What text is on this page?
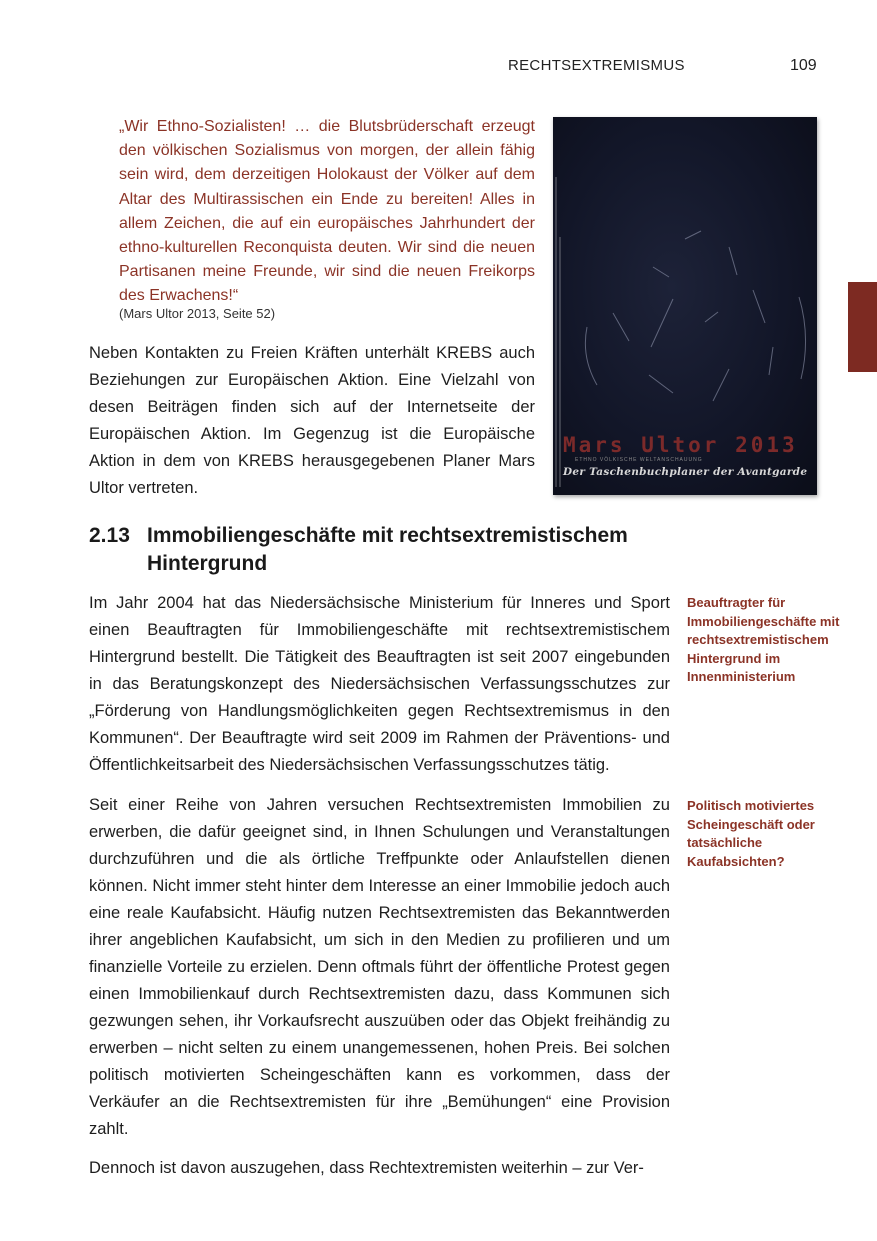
RECHTSEXTREMISMUS	109
„Wir Ethno-Sozialisten! … die Blutsbrüderschaft erzeugt den völkischen Sozialismus von morgen, der allein fähig sein wird, dem derzeitigen Holokaust der Völker auf dem Altar des Multirassischen ein Ende zu bereiten! Alles in allem Zeichen, die auf ein europäisches Jahrhundert der ethno-kulturellen Reconquista deuten. Wir sind die neuen Partisanen meine Freunde, wir sind die neuen Freikorps des Erwachens!“
(Mars Ultor 2013, Seite 52)
Mars Ultor 2013
ETHNO VÖLKISCHE WELTANSCHAUUNG
Der Taschenbuchplaner der Avantgarde

Neben Kontakten zu Freien Kräften unterhält KREBS auch Beziehungen zur Europäischen Aktion. Eine Vielzahl von desen Beiträgen finden sich auf der Internetseite der Europäischen Aktion. Im Gegenzug ist die Europäische Aktion in dem von KREBS herausgegebenen Planer Mars Ultor vertreten.

2.13 Immobiliengeschäfte mit rechtsextremistischem Hintergrund

Im Jahr 2004 hat das Niedersächsische Ministerium für Inneres und Sport einen Beauftragten für Immobiliengeschäfte mit rechtsextremistischem Hintergrund bestellt. Die Tätigkeit des Beauftragten ist seit 2007 eingebunden in das Beratungskonzept des Niedersächsischen Verfassungsschutzes zur „Förderung von Handlungsmöglichkeiten gegen Rechtsextremismus in den Kommunen“. Der Beauftragte wird seit 2009 im Rahmen der Präventions- und Öffentlichkeitsarbeit des Niedersächsischen Verfassungsschutzes tätig.

Beauftragter für Immobiliengeschäfte mit rechtsextremistischem Hintergrund im Innenministerium

Seit einer Reihe von Jahren versuchen Rechtsextremisten Immobilien zu erwerben, die dafür geeignet sind, in Ihnen Schulungen und Veranstaltungen durchzuführen und die als örtliche Treffpunkte oder Anlaufstellen dienen können. Nicht immer steht hinter dem Interesse an einer Immobilie jedoch auch eine reale Kaufabsicht. Häufig nutzen Rechtsextremisten das Bekanntwerden ihrer angeblichen Kaufabsicht, um sich in den Medien zu profilieren und um finanzielle Vorteile zu erzielen. Denn oftmals führt der öffentliche Protest gegen einen Immobilienkauf durch Rechtsextremisten dazu, dass Kommunen sich gezwungen sehen, ihr Vorkaufsrecht auszuüben oder das Objekt freihändig zu erwerben – nicht selten zu einem unangemessenen, hohen Preis. Bei solchen politisch motivierten Scheingeschäften kann es vorkommen, dass der Verkäufer an die Rechtsextremisten für ihre „Bemühungen“ eine Provision zahlt.

Politisch motiviertes Scheingeschäft oder tatsächliche Kaufabsichten?

Dennoch ist davon auszugehen, dass Rechtextremisten weiterhin – zur Ver-
